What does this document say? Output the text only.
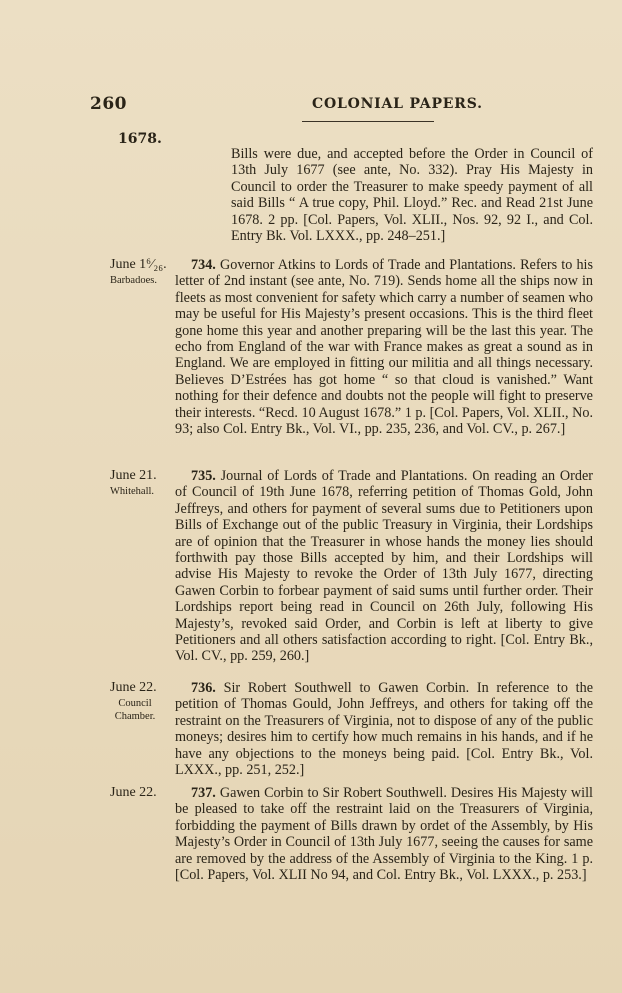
260	COLONIAL PAPERS.
1678.
Bills were due, and accepted before the Order in Council of 13th July 1677 (see ante, No. 332). Pray His Majesty in Council to order the Treasurer to make speedy payment of all said Bills “ A true copy, Phil. Lloyd.” Rec. and Read 21st June 1678. 2 pp. [Col. Papers, Vol. XLII., Nos. 92, 92 I., and Col. Entry Bk. Vol. LXXX., pp. 248–251.]
June 1⁶⁄₂₆.
Barbadoes.
734. Governor Atkins to Lords of Trade and Plantations. Refers to his letter of 2nd instant (see ante, No. 719). Sends home all the ships now in fleets as most convenient for safety which carry a number of seamen who may be useful for His Majesty’s present occasions. This is the third fleet gone home this year and another preparing will be the last this year. The echo from England of the war with France makes as great a sound as in England. We are employed in fitting our militia and all things necessary. Believes D’Estrées has got home “ so that cloud is vanished.” Want nothing for their defence and doubts not the people will fight to preserve their interests. “Recd. 10 August 1678.” 1 p. [Col. Papers, Vol. XLII., No. 93; also Col. Entry Bk., Vol. VI., pp. 235, 236, and Vol. CV., p. 267.]
June 21.
Whitehall.
735. Journal of Lords of Trade and Plantations. On reading an Order of Council of 19th June 1678, referring petition of Thomas Gold, John Jeffreys, and others for payment of several sums due to Petitioners upon Bills of Exchange out of the public Treasury in Virginia, their Lordships are of opinion that the Treasurer in whose hands the money lies should forthwith pay those Bills accepted by him, and their Lordships will advise His Majesty to revoke the Order of 13th July 1677, directing Gawen Corbin to forbear payment of said sums until further order. Their Lordships report being read in Council on 26th July, following His Majesty’s, revoked said Order, and Corbin is left at liberty to give Petitioners and all others satisfaction according to right. [Col. Entry Bk., Vol. CV., pp. 259, 260.]
June 22.
Council Chamber.
736. Sir Robert Southwell to Gawen Corbin. In reference to the petition of Thomas Gould, John Jeffreys, and others for taking off the restraint on the Treasurers of Virginia, not to dispose of any of the public moneys; desires him to certify how much remains in his hands, and if he have any objections to the moneys being paid. [Col. Entry Bk., Vol. LXXX., pp. 251, 252.]
June 22.	737. Gawen Corbin to Sir Robert Southwell. Desires His Majesty will be pleased to take off the restraint laid on the Treasurers of Virginia, forbidding the payment of Bills drawn by ordet of the Assembly, by His Majesty’s Order in Council of 13th July 1677, seeing the causes for same are removed by the address of the Assembly of Virginia to the King. 1 p. [Col. Papers, Vol. XLII No 94, and Col. Entry Bk., Vol. LXXX., p. 253.]
